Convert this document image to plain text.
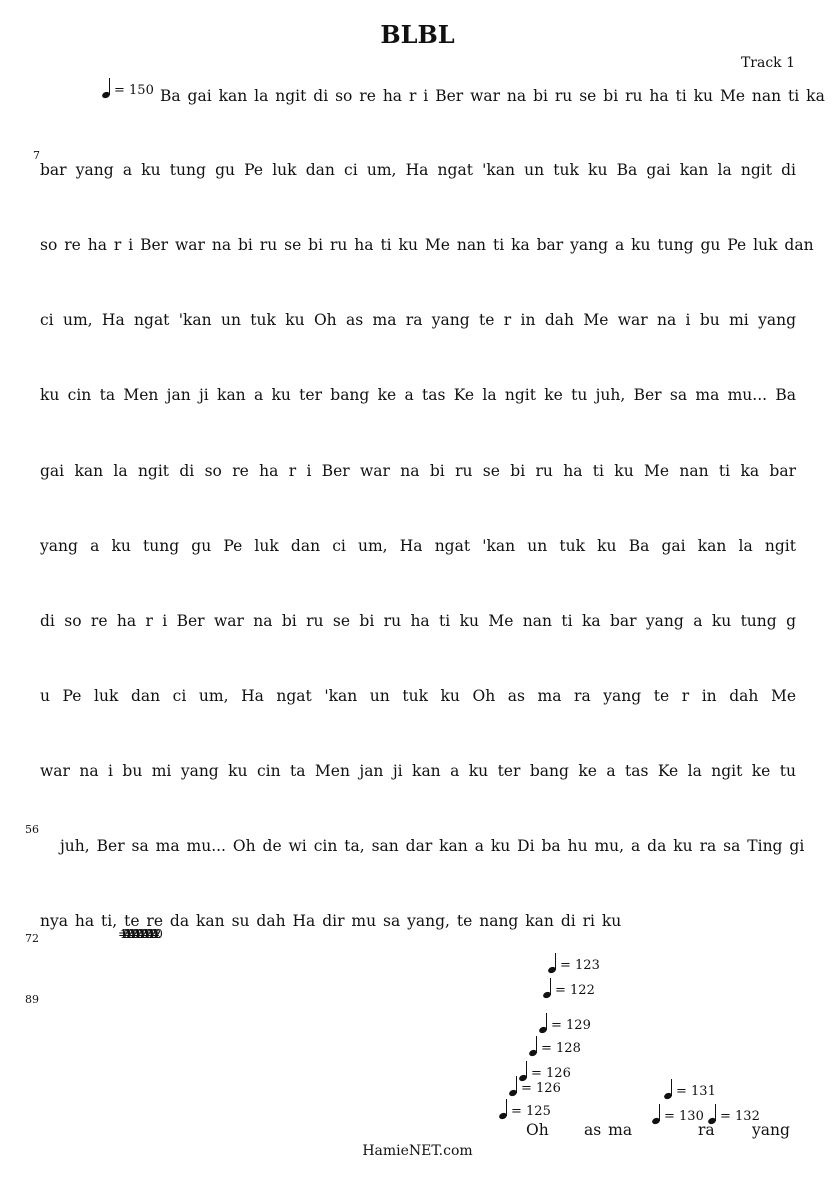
BLBL
Track 1
= 150
7
56
72
89
Ba gai kan la ngit di so re ha r i Ber war na bi ru se bi ru ha ti ku Me nan ti ka
bar yang a ku tung gu Pe luk dan ci um, Ha ngat 'kan un tuk ku Ba gai kan la ngit di
so re ha r i Ber war na bi ru se bi ru ha ti ku Me nan ti ka bar yang a ku tung gu Pe luk dan
ci um, Ha ngat 'kan un tuk ku Oh as ma ra yang te r in dah Me war na i bu mi yang
ku cin ta Men jan ji kan a ku ter bang ke a tas Ke la ngit ke tu juh, Ber sa ma mu... Ba
gai kan la ngit di so re ha r i Ber war na bi ru se bi ru ha ti ku Me nan ti ka bar
yang a ku tung gu Pe luk dan ci um, Ha ngat 'kan un tuk ku Ba gai kan la ngit
di so re ha r i Ber war na bi ru se bi ru ha ti ku Me nan ti ka bar yang a ku tung g
u Pe luk dan ci um, Ha ngat 'kan un tuk ku Oh as ma ra yang te r in dah Me
war na i bu mi yang ku cin ta Men jan ji kan a ku ter bang ke a tas Ke la ngit ke tu
juh, Ber sa ma mu... Oh de wi cin ta, san dar kan a ku Di ba hu mu, a da ku ra sa Ting gi
nya ha ti, te re da kan su dah Ha dir mu sa yang, te nang kan di ri ku
= 120 = 120 = 120 = 120 = 120 = 120 = 120 = 120
= 123
= 122
= 129
= 128
= 126
= 126
= 125
= 131
= 130 = 132
Oh as ma	ra yang
HamieNET.com
